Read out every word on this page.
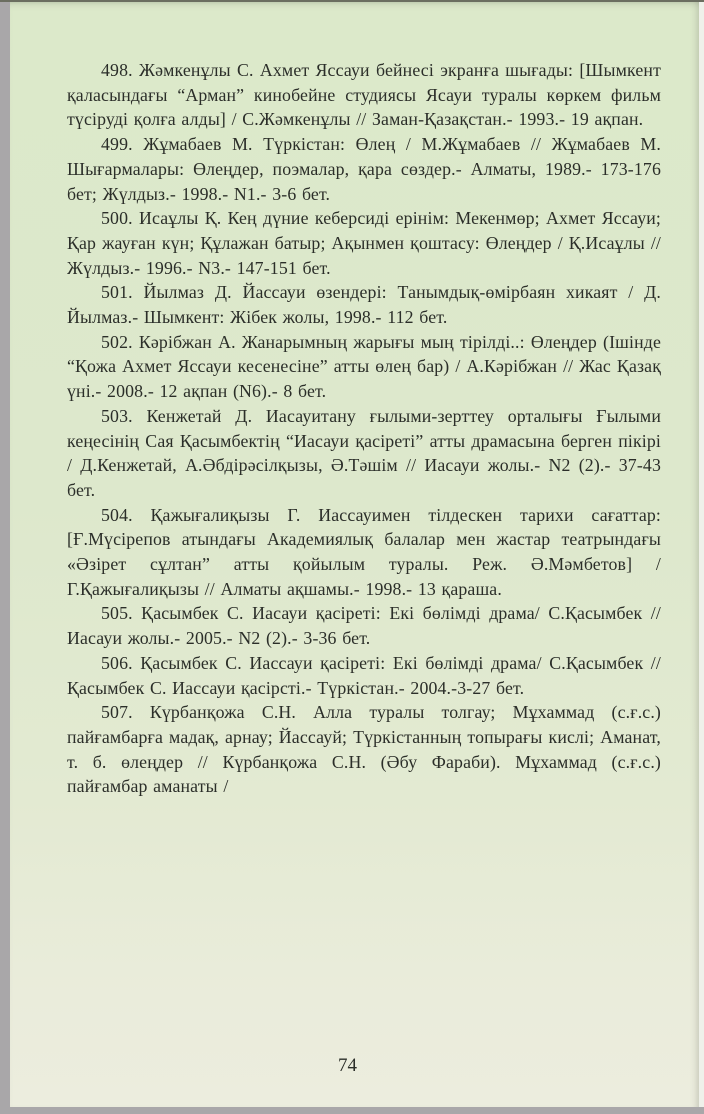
498. Жәмкенұлы С. Ахмет Яссауи бейнесі экранға шығады: [Шымкент қаласындағы “Арман” кинобейне студиясы Ясауи туралы көркем фильм түсіруді қолға алды] / С.Жәмкенұлы // Заман-Қазақстан.- 1993.- 19 ақпан.

499. Жұмабаев М. Түркістан: Өлең / М.Жұмабаев // Жұмабаев М. Шығармалары: Өлеңдер, поэмалар, қара сөздер.- Алматы, 1989.- 173-176 бет; Жүлдыз.- 1998.- N1.- 3-6 бет.

500. Исаұлы Қ. Кең дүние кеберсиді ерінім: Мекенмөр; Ахмет Яссауи; Қар жауған күн; Құлажан батыр; Ақынмен қоштасу: Өлеңдер / Қ.Исаұлы // Жүлдыз.- 1996.- N3.- 147-151 бет.

501. Йылмаз Д. Йассауи өзендері: Танымдық-өмірбаян хикаят / Д. Йылмаз.- Шымкент: Жібек жолы, 1998.- 112 бет.

502. Кәрібжан А. Жанарымның жарығы мың тірілді..: Өлеңдер (Ішінде “Қожа Ахмет Яссауи кесенесіне” атты өлең бар) / А.Кәрібжан // Жас Қазақ үні.- 2008.- 12 ақпан (N6).- 8 бет.

503. Кенжетай Д. Иасауитану ғылыми-зерттеу орталығы Ғылыми кеңесінің Сая Қасымбектің “Иасауи қасіреті” атты драмасына берген пікірі / Д.Кенжетай, А.Әбдірәсілқызы, Ә.Тәшім // Иасауи жолы.- N2 (2).- 37-43 бет.

504. Қажығалиқызы Г. Иассауимен тілдескен тарихи сағаттар: [Ғ.Мүсірепов атындағы Академиялық балалар мен жастар театрындағы «Әзірет сұлтан” атты қойылым туралы. Реж. Ә.Мәмбетов] / Г.Қажығалиқызы // Алматы ақшамы.- 1998.- 13 қараша.

505. Қасымбек С. Иасауи қасіреті: Екі бөлімді драма/ С.Қасымбек // Иасауи жолы.- 2005.- N2 (2).- 3-36 бет.

506. Қасымбек С. Иассауи қасіреті: Екі бөлімді драма/ С.Қасымбек // Қасымбек С. Иассауи қасірсті.- Түркістан.- 2004.-3-27 бет.

507. Күрбанқожа С.Н. Алла туралы толгау; Мұхаммад (с.ғ.с.) пайғамбарға мадақ, арнау; Йассауй; Түркістанның топырағы кислі; Аманат, т. б. өлеңдер // Күрбанқожа С.Н. (Әбу Фараби). Мұхаммад (с.ғ.с.) пайғамбар аманаты /

74
